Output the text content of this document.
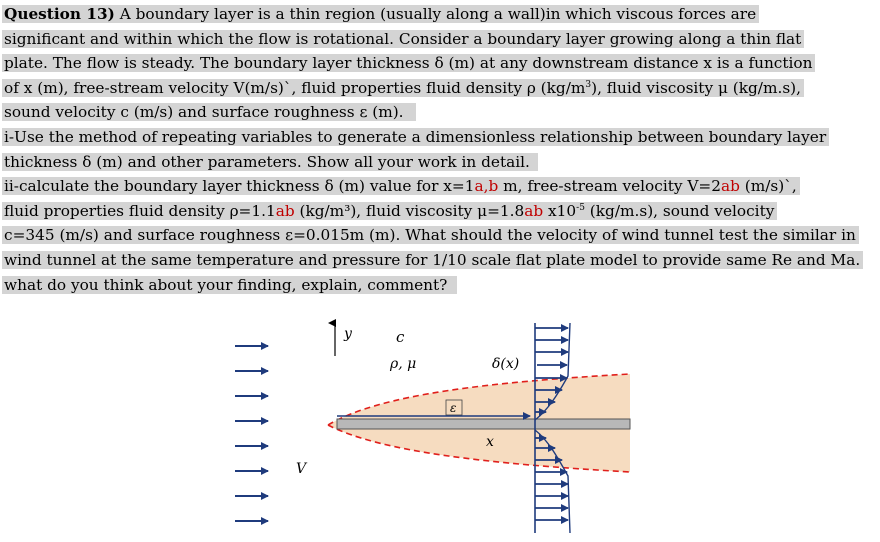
Question 13) A boundary layer is a thin region (usually along a wall)in which viscous forces are
significant and within which the flow is rotational. Consider a boundary layer growing along a thin flat
plate. The flow is steady. The boundary layer thickness δ (m) at any downstream distance x is a function
of x (m), free-stream velocity V(m/s)`, fluid properties fluid density ρ $(kg/m^3)$, fluid viscosity μ (kg/m.s),
sound velocity c (m/s) and surface roughness ε (m).
i-Use the method of repeating variables to generate a dimensionless relationship between boundary layer
thickness δ (m) and other parameters. Show all your work in detail.
ii-calculate the boundary layer thickness δ (m) value for x=1a,b m, free-stream velocity V=2ab (m/s)`,
fluid properties fluid density ρ=1.1ab (kg/m³), fluid viscosity μ=1.8ab $x10^{-5}$ (kg/m.s), sound velocity
c=345 (m/s) and surface roughness ε=0.015m (m). What should the velocity of wind tunnel test the similar in
wind tunnel at the same temperature and pressure for 1/10 scale flat plate model to provide same Re and Ma.
what do you think about your finding, explain, comment?
y	c
ρ, μ	δ(x)
x
V
ε
